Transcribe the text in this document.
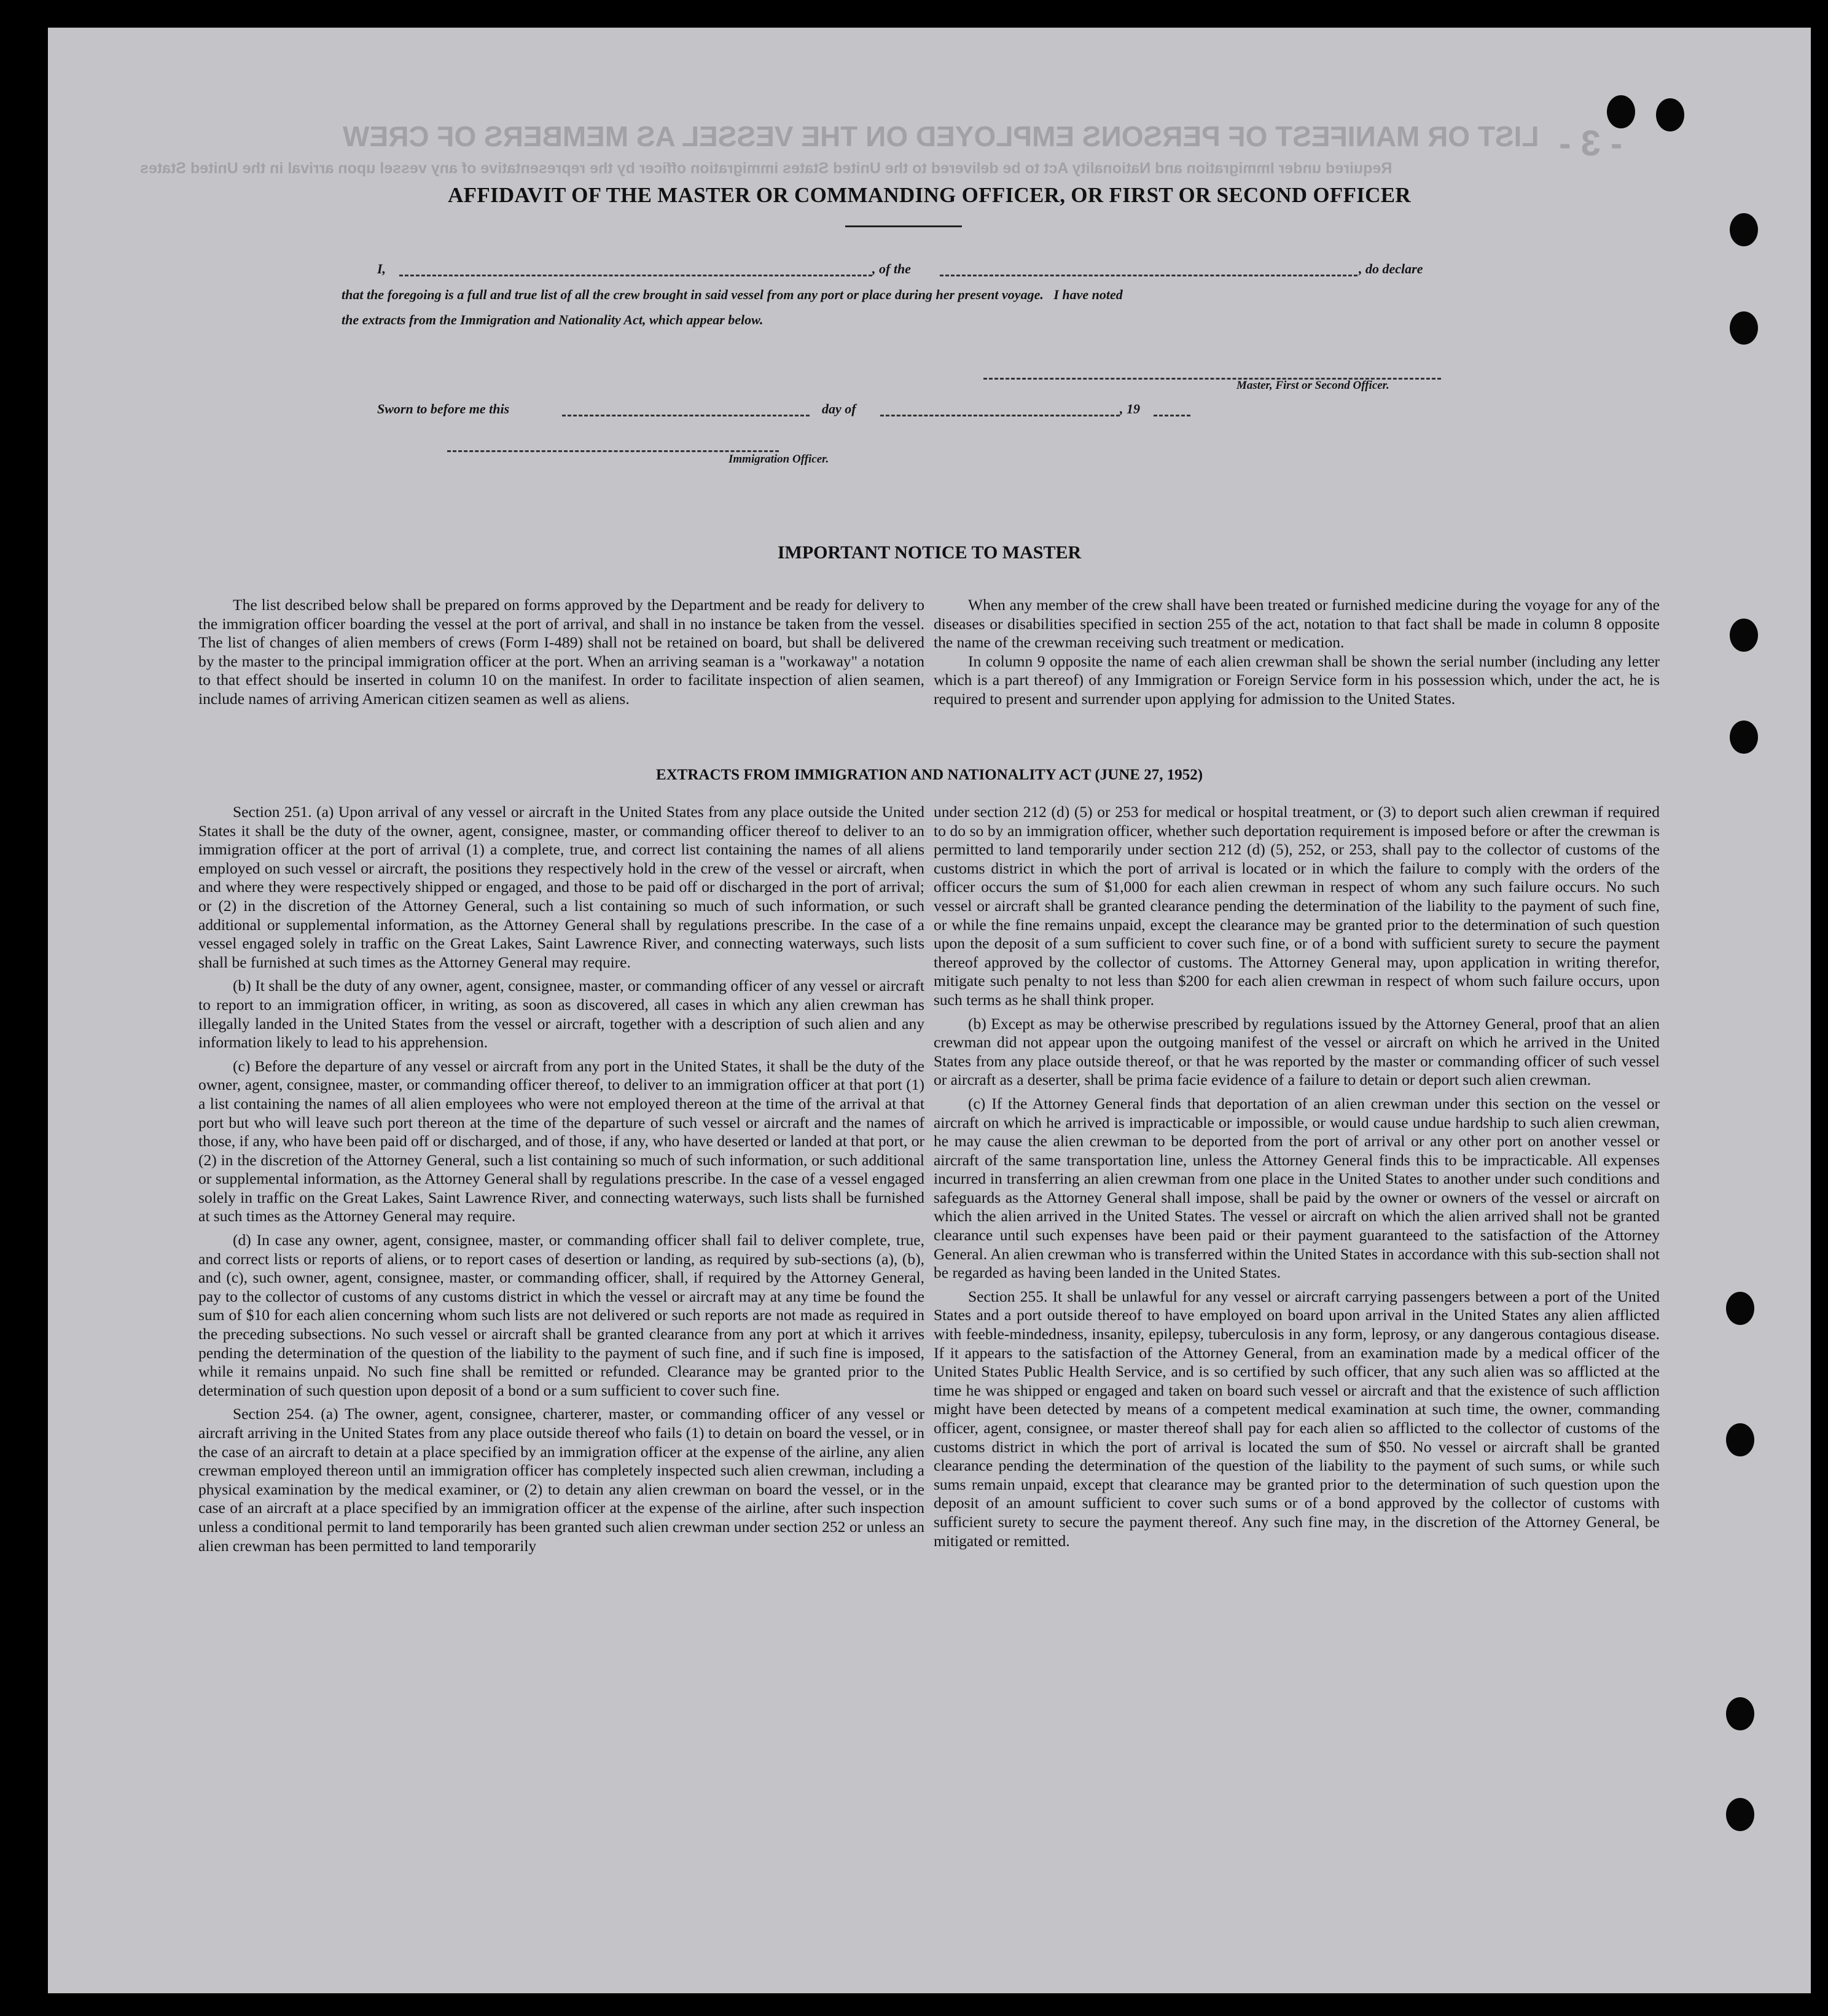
LIST OR MANIFEST OF PERSONS EMPLOYED ON THE VESSEL AS MEMBERS OF CREW
Required under Immigration and Nationality Act to be delivered to the United States immigration officer by the representative of any vessel upon arrival in the United States
- 3 -
AFFIDAVIT OF THE MASTER OR COMMANDING OFFICER, OR FIRST OR SECOND OFFICER
I,	, of the	, do declare
that the foregoing is a full and true list of all the crew brought in said vessel from any port or place during her present voyage.   I have noted
the extracts from the Immigration and Nationality Act, which appear below.
Master, First or Second Officer.
Sworn to before me this	day of	, 19
Immigration Officer.
IMPORTANT NOTICE TO MASTER

The list described below shall be prepared on forms approved by the Department and be ready for delivery to the immigration officer boarding the vessel at the port of arrival, and shall in no instance be taken from the vessel. The list of changes of alien members of crews (Form I-489) shall not be retained on board, but shall be delivered by the master to the principal immigration officer at the port. When an arriving seaman is a "workaway" a notation to that effect should be inserted in column 10 on the manifest. In order to facilitate inspection of alien seamen, include names of arriving American citizen seamen as well as aliens.

When any member of the crew shall have been treated or furnished medicine during the voyage for any of the diseases or disabilities specified in section 255 of the act, notation to that fact shall be made in column 8 opposite the name of the crewman receiving such treatment or medication.

In column 9 opposite the name of each alien crewman shall be shown the serial number (including any letter which is a part thereof) of any Immigration or Foreign Service form in his possession which, under the act, he is required to present and surrender upon applying for admission to the United States.

EXTRACTS FROM IMMIGRATION AND NATIONALITY ACT (JUNE 27, 1952)

Section 251. (a) Upon arrival of any vessel or aircraft in the United States from any place outside the United States it shall be the duty of the owner, agent, consignee, master, or commanding officer thereof to deliver to an immigration officer at the port of arrival (1) a complete, true, and correct list containing the names of all aliens employed on such vessel or aircraft, the positions they respectively hold in the crew of the vessel or aircraft, when and where they were respectively shipped or engaged, and those to be paid off or discharged in the port of arrival; or (2) in the discretion of the Attorney General, such a list containing so much of such information, or such additional or supplemental information, as the Attorney General shall by regulations prescribe. In the case of a vessel engaged solely in traffic on the Great Lakes, Saint Lawrence River, and connecting waterways, such lists shall be furnished at such times as the Attorney General may require.

(b) It shall be the duty of any owner, agent, consignee, master, or commanding officer of any vessel or aircraft to report to an immigration officer, in writing, as soon as discovered, all cases in which any alien crewman has illegally landed in the United States from the vessel or aircraft, together with a description of such alien and any information likely to lead to his apprehension.

(c) Before the departure of any vessel or aircraft from any port in the United States, it shall be the duty of the owner, agent, consignee, master, or commanding officer thereof, to deliver to an immigration officer at that port (1) a list containing the names of all alien employees who were not employed thereon at the time of the arrival at that port but who will leave such port thereon at the time of the departure of such vessel or aircraft and the names of those, if any, who have been paid off or discharged, and of those, if any, who have deserted or landed at that port, or (2) in the discretion of the Attorney General, such a list containing so much of such information, or such additional or supplemental information, as the Attorney General shall by regulations prescribe. In the case of a vessel engaged solely in traffic on the Great Lakes, Saint Lawrence River, and connecting waterways, such lists shall be furnished at such times as the Attorney General may require.

(d) In case any owner, agent, consignee, master, or commanding officer shall fail to deliver complete, true, and correct lists or reports of aliens, or to report cases of desertion or landing, as required by sub-sections (a), (b), and (c), such owner, agent, consignee, master, or commanding officer, shall, if required by the Attorney General, pay to the collector of customs of any customs district in which the vessel or aircraft may at any time be found the sum of $10 for each alien concerning whom such lists are not delivered or such reports are not made as required in the preceding subsections. No such vessel or aircraft shall be granted clearance from any port at which it arrives pending the determination of the question of the liability to the payment of such fine, and if such fine is imposed, while it remains unpaid. No such fine shall be remitted or refunded. Clearance may be granted prior to the determination of such question upon deposit of a bond or a sum sufficient to cover such fine.

Section 254. (a) The owner, agent, consignee, charterer, master, or commanding officer of any vessel or aircraft arriving in the United States from any place outside thereof who fails (1) to detain on board the vessel, or in the case of an aircraft to detain at a place specified by an immigration officer at the expense of the airline, any alien crewman employed thereon until an immigration officer has completely inspected such alien crewman, including a physical examination by the medical examiner, or (2) to detain any alien crewman on board the vessel, or in the case of an aircraft at a place specified by an immigration officer at the expense of the airline, after such inspection unless a conditional permit to land temporarily has been granted such alien crewman under section 252 or unless an alien crewman has been permitted to land temporarily

under section 212 (d) (5) or 253 for medical or hospital treatment, or (3) to deport such alien crewman if required to do so by an immigration officer, whether such deportation requirement is imposed before or after the crewman is permitted to land temporarily under section 212 (d) (5), 252, or 253, shall pay to the collector of customs of the customs district in which the port of arrival is located or in which the failure to comply with the orders of the officer occurs the sum of $1,000 for each alien crewman in respect of whom any such failure occurs. No such vessel or aircraft shall be granted clearance pending the determination of the liability to the payment of such fine, or while the fine remains unpaid, except the clearance may be granted prior to the determination of such question upon the deposit of a sum sufficient to cover such fine, or of a bond with sufficient surety to secure the payment thereof approved by the collector of customs. The Attorney General may, upon application in writing therefor, mitigate such penalty to not less than $200 for each alien crewman in respect of whom such failure occurs, upon such terms as he shall think proper.

(b) Except as may be otherwise prescribed by regulations issued by the Attorney General, proof that an alien crewman did not appear upon the outgoing manifest of the vessel or aircraft on which he arrived in the United States from any place outside thereof, or that he was reported by the master or commanding officer of such vessel or aircraft as a deserter, shall be prima facie evidence of a failure to detain or deport such alien crewman.

(c) If the Attorney General finds that deportation of an alien crewman under this section on the vessel or aircraft on which he arrived is impracticable or impossible, or would cause undue hardship to such alien crewman, he may cause the alien crewman to be deported from the port of arrival or any other port on another vessel or aircraft of the same transportation line, unless the Attorney General finds this to be impracticable. All expenses incurred in transferring an alien crewman from one place in the United States to another under such conditions and safeguards as the Attorney General shall impose, shall be paid by the owner or owners of the vessel or aircraft on which the alien arrived in the United States. The vessel or aircraft on which the alien arrived shall not be granted clearance until such expenses have been paid or their payment guaranteed to the satisfaction of the Attorney General. An alien crewman who is transferred within the United States in accordance with this sub-section shall not be regarded as having been landed in the United States.

Section 255. It shall be unlawful for any vessel or aircraft carrying passengers between a port of the United States and a port outside thereof to have employed on board upon arrival in the United States any alien afflicted with feeble-mindedness, insanity, epilepsy, tuberculosis in any form, leprosy, or any dangerous contagious disease. If it appears to the satisfaction of the Attorney General, from an examination made by a medical officer of the United States Public Health Service, and is so certified by such officer, that any such alien was so afflicted at the time he was shipped or engaged and taken on board such vessel or aircraft and that the existence of such affliction might have been detected by means of a competent medical examination at such time, the owner, commanding officer, agent, consignee, or master thereof shall pay for each alien so afflicted to the collector of customs of the customs district in which the port of arrival is located the sum of $50. No vessel or aircraft shall be granted clearance pending the determination of the question of the liability to the payment of such sums, or while such sums remain unpaid, except that clearance may be granted prior to the determination of such question upon the deposit of an amount sufficient to cover such sums or of a bond approved by the collector of customs with sufficient surety to secure the payment thereof. Any such fine may, in the discretion of the Attorney General, be mitigated or remitted.
